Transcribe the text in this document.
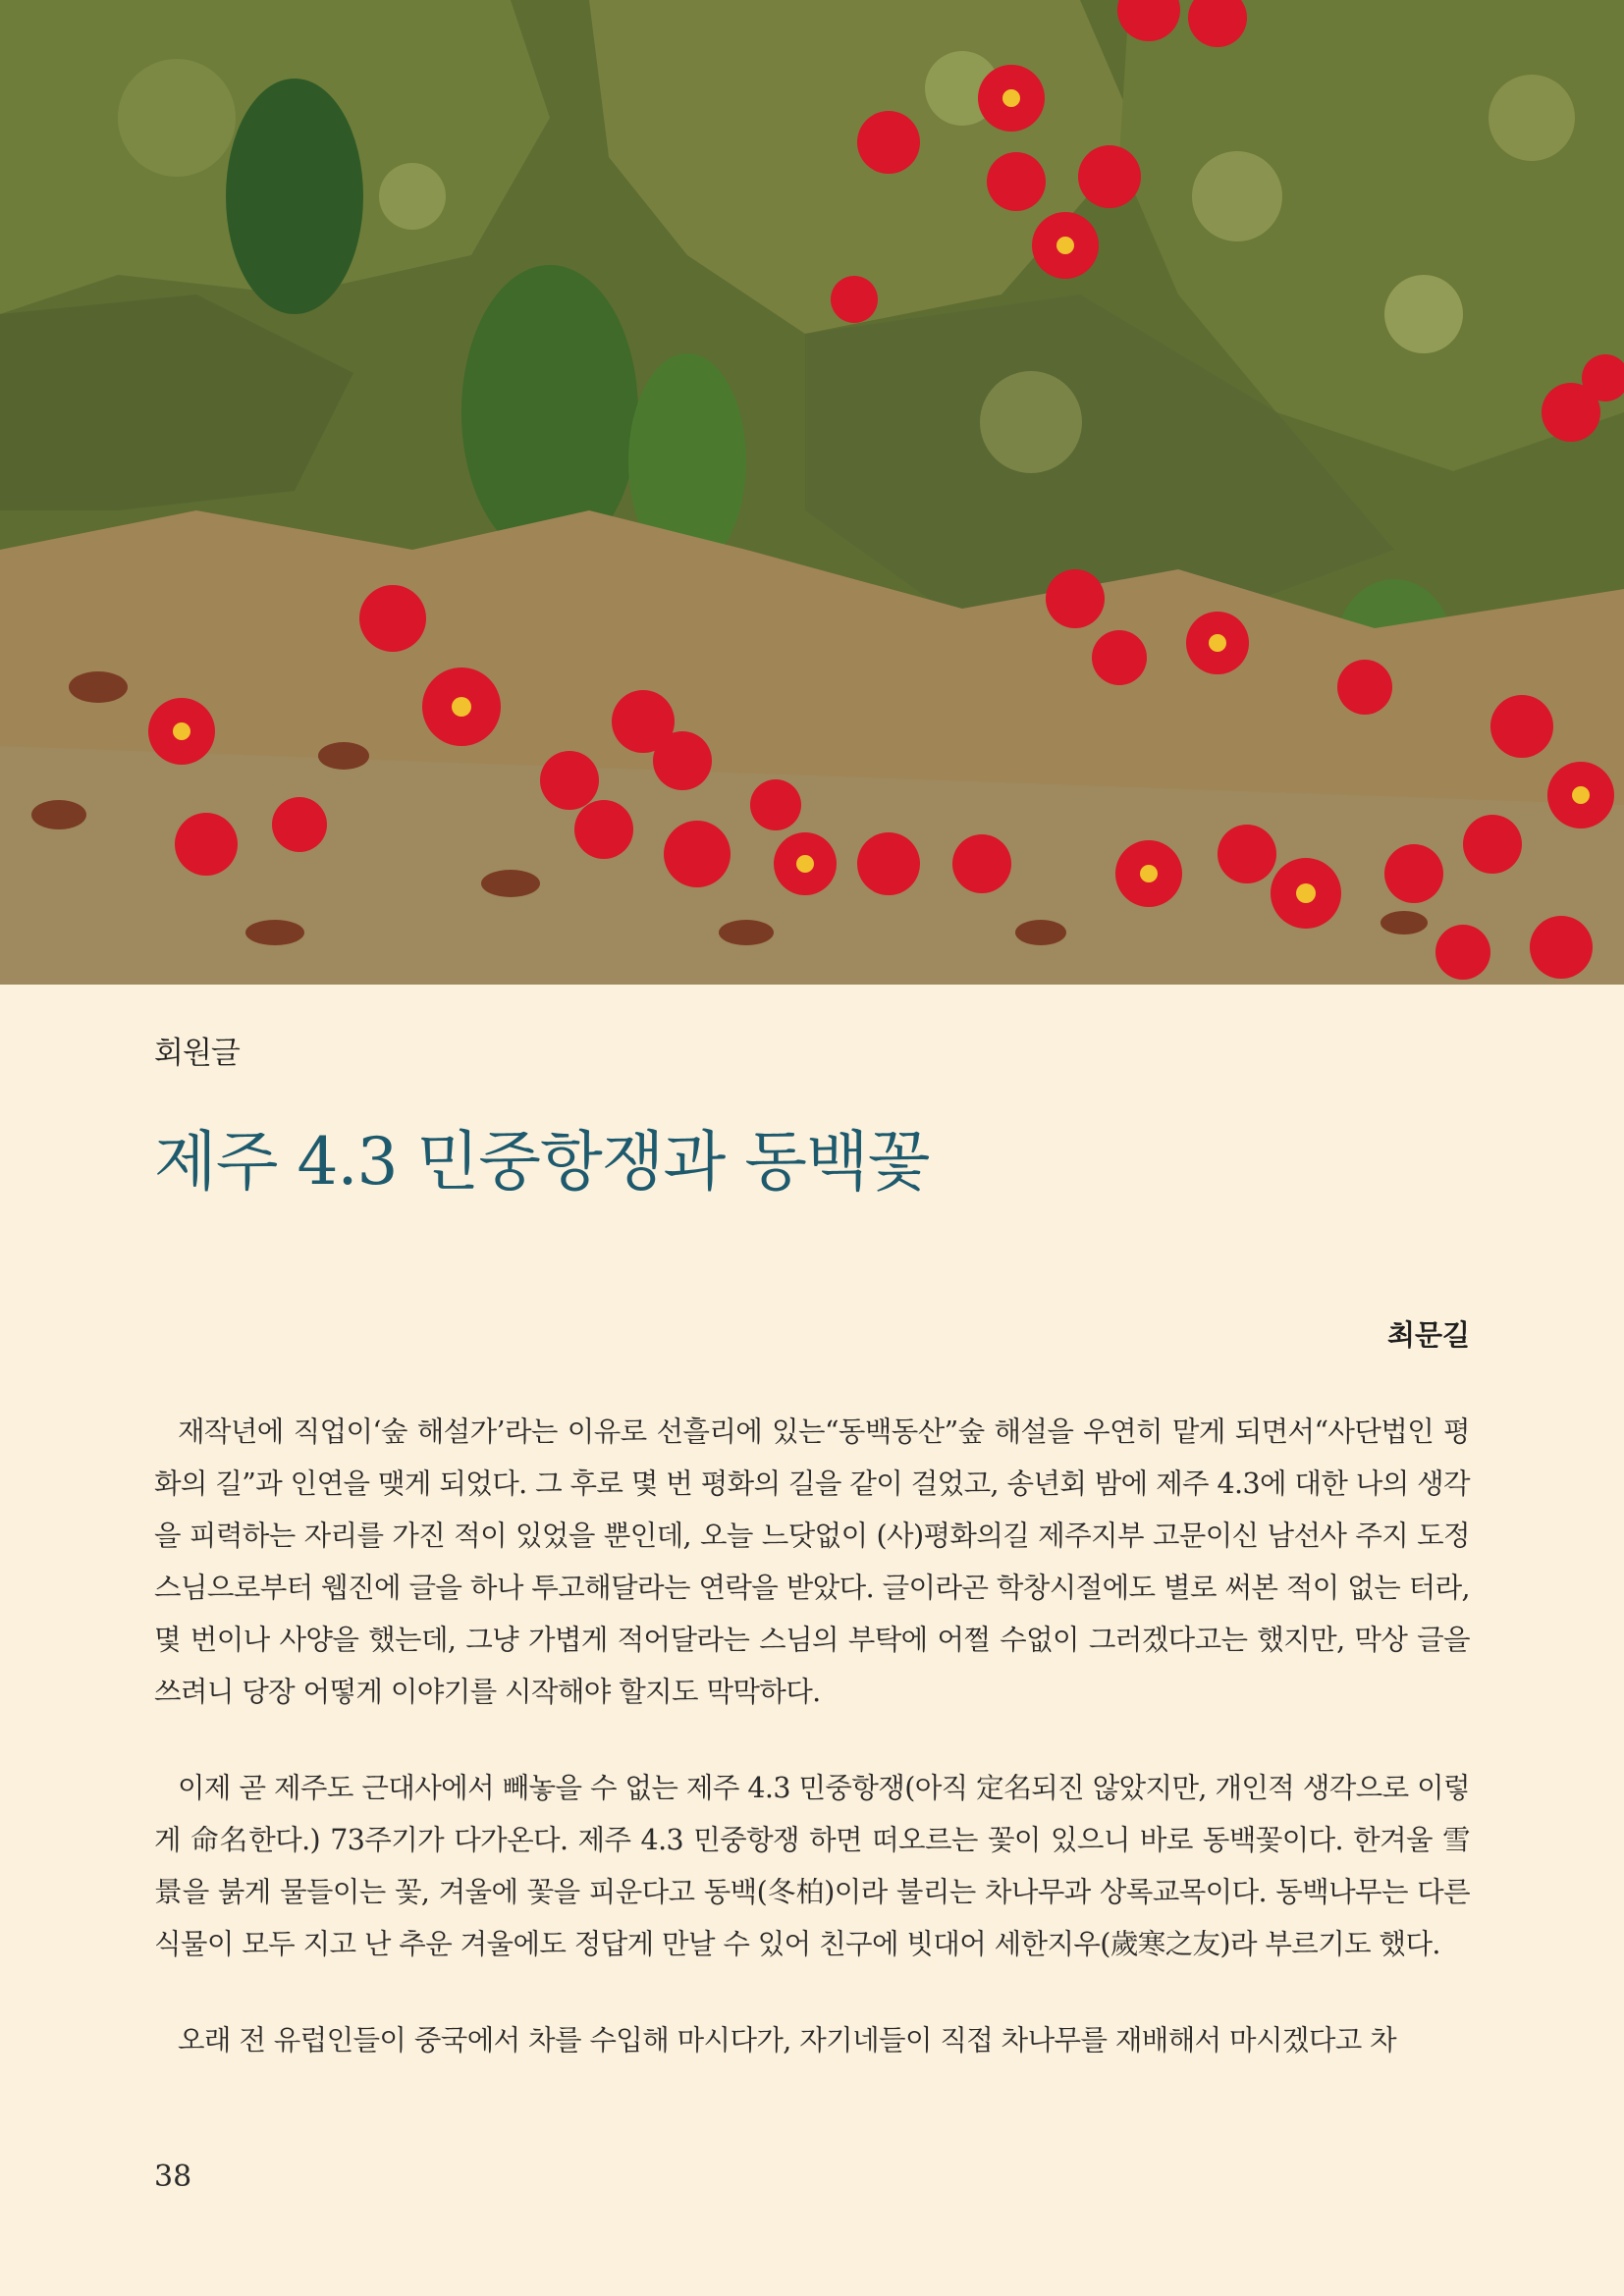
회원글
제주 4.3 민중항쟁과 동백꽃
최문길

재작년에 직업이‘숲 해설가’라는 이유로 선흘리에 있는“동백동산”숲 해설을 우연히 맡게 되면서“사단법인 평화의 길”과 인연을 맺게 되었다. 그 후로 몇 번 평화의 길을 같이 걸었고, 송년회 밤에 제주 4.3에 대한 나의 생각을 피력하는 자리를 가진 적이 있었을 뿐인데, 오늘 느닷없이 (사)평화의길 제주지부 고문이신 남선사 주지 도정스님으로부터 웹진에 글을 하나 투고해달라는 연락을 받았다. 글이라곤 학창시절에도 별로 써본 적이 없는 터라, 몇 번이나 사양을 했는데, 그냥 가볍게 적어달라는 스님의 부탁에 어쩔 수없이 그러겠다고는 했지만, 막상 글을 쓰려니 당장 어떻게 이야기를 시작해야 할지도 막막하다.

이제 곧 제주도 근대사에서 빼놓을 수 없는 제주 4.3 민중항쟁(아직 定名되진 않았지만, 개인적 생각으로 이렇게 命名한다.) 73주기가 다가온다. 제주 4.3 민중항쟁 하면 떠오르는 꽃이 있으니 바로 동백꽃이다. 한겨울 雪景을 붉게 물들이는 꽃, 겨울에 꽃을 피운다고 동백(冬柏)이라 불리는 차나무과 상록교목이다. 동백나무는 다른 식물이 모두 지고 난 추운 겨울에도 정답게 만날 수 있어 친구에 빗대어 세한지우(歲寒之友)라 부르기도 했다.

오래 전 유럽인들이 중국에서 차를 수입해 마시다가, 자기네들이 직접 차나무를 재배해서 마시겠다고 차

38
